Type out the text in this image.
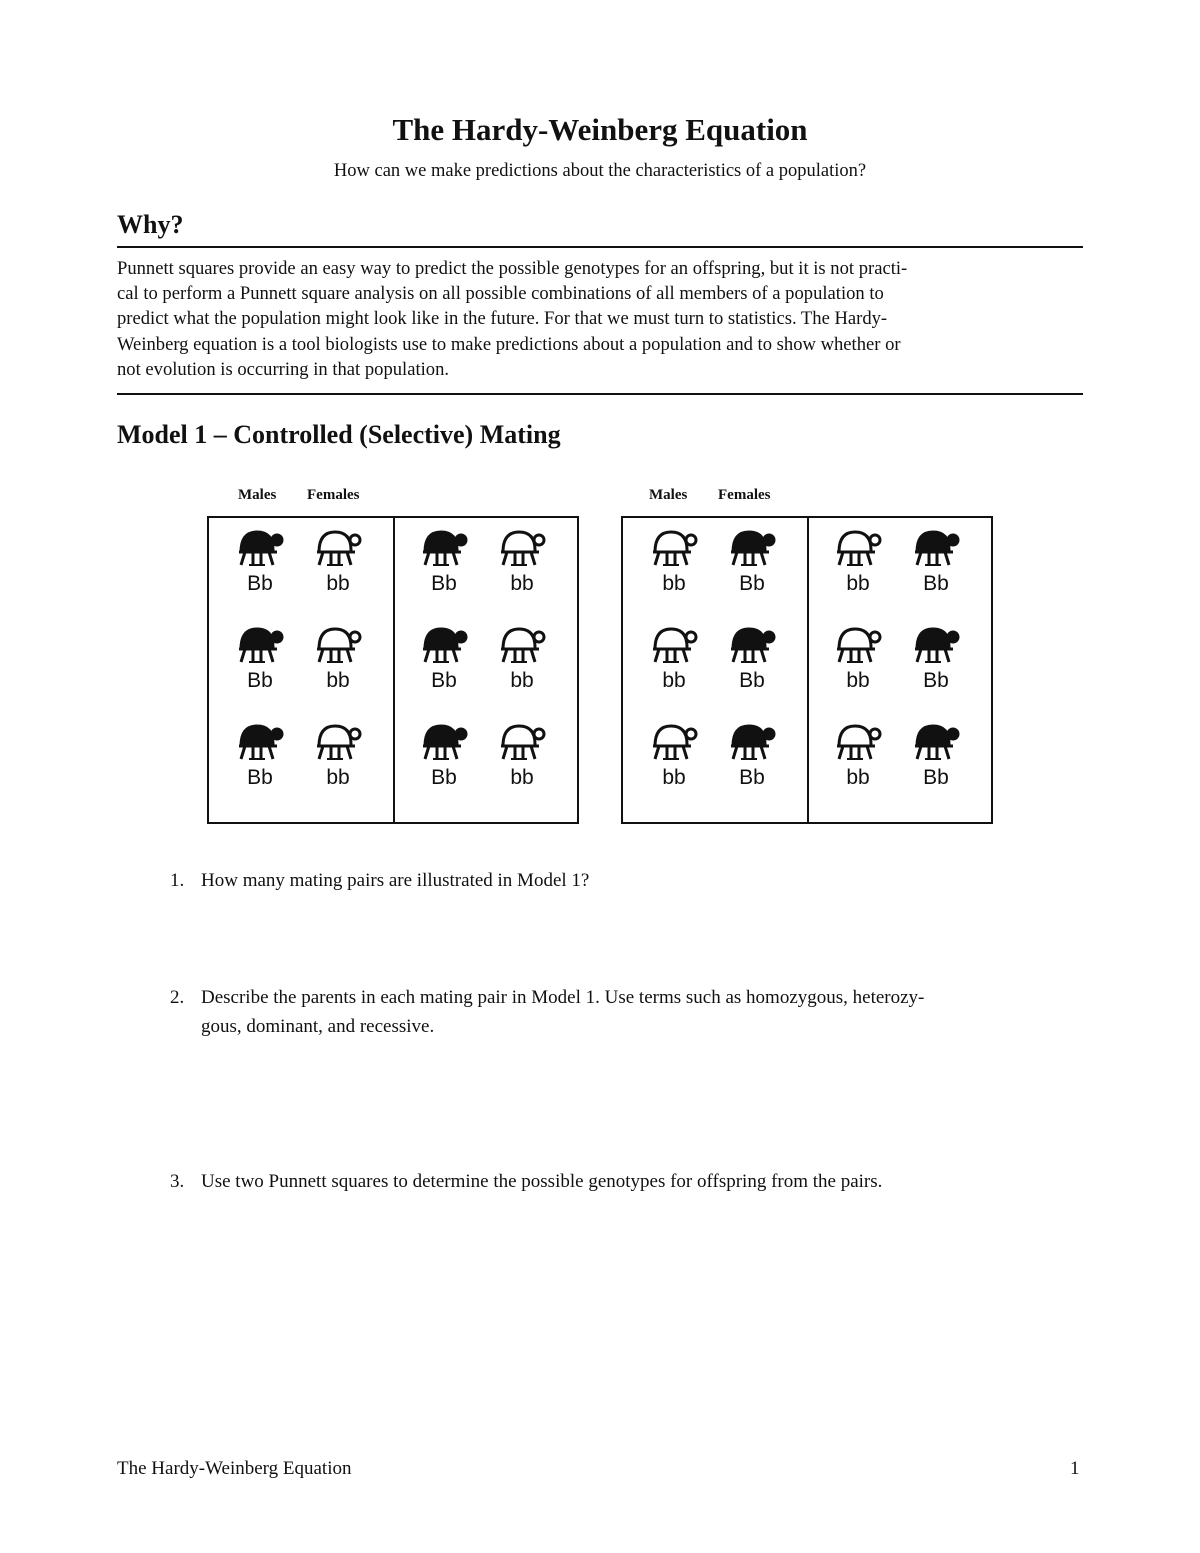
The Hardy-Weinberg Equation
How can we make predictions about the characteristics of a population?
Why?
Punnett squares provide an easy way to predict the possible genotypes for an offspring, but it is not practi-
cal to perform a Punnett square analysis on all possible combinations of all members of a population to
predict what the population might look like in the future. For that we must turn to statistics. The Hardy-
Weinberg equation is a tool biologists use to make predictions about a population and to show whether or
not evolution is occurring in that population.
Model 1 – Controlled (Selective) Mating
Males Females	Males Females
Bb	bb
Bb	bb
Bb	bb
Bb	bb
Bb	bb
Bb	bb
bb	Bb
bb	Bb
bb	Bb
bb	Bb
bb	Bb
bb	Bb
1. How many mating pairs are illustrated in Model 1?
2. Describe the parents in each mating pair in Model 1. Use terms such as homozygous, heterozy-
gous, dominant, and recessive.
3. Use two Punnett squares to determine the possible genotypes for offspring from the pairs.
The Hardy-Weinberg Equation	1
